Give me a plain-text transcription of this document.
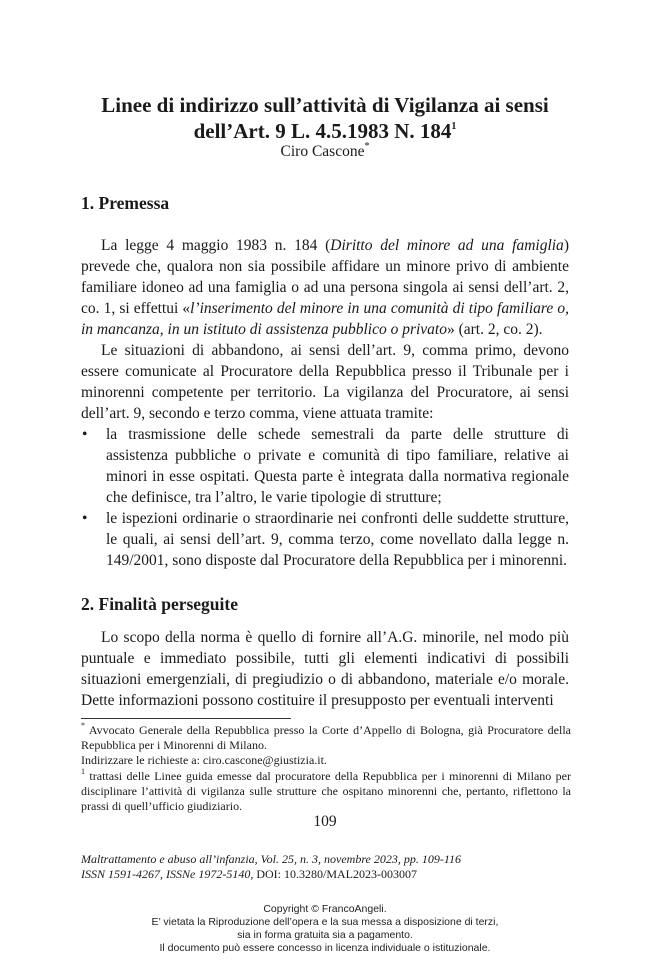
Linee di indirizzo sull’attività di Vigilanza ai sensi
dell’Art. 9 L. 4.5.1983 N. $184^1$
Ciro Cascone*
1. Premessa
La legge 4 maggio 1983 n. 184 (Diritto del minore ad una famiglia) prevede che, qualora non sia possibile affidare un minore privo di ambiente familiare idoneo ad una famiglia o ad una persona singola ai sensi dell’art. 2, co. 1, si effettui «l’inserimento del minore in una comunità di tipo familiare o, in mancanza, in un istituto di assistenza pubblico o privato» (art. 2, co. 2).
Le situazioni di abbandono, ai sensi dell’art. 9, comma primo, devono essere comunicate al Procuratore della Repubblica presso il Tribunale per i minorenni competente per territorio. La vigilanza del Procuratore, ai sensi dell’art. 9, secondo e terzo comma, viene attuata tramite:
• la trasmissione delle schede semestrali da parte delle strutture di assistenza pubbliche o private e comunità di tipo familiare, relative ai minori in esse ospitati. Questa parte è integrata dalla normativa regionale che definisce, tra l’altro, le varie tipologie di strutture;
• le ispezioni ordinarie o straordinarie nei confronti delle suddette strutture, le quali, ai sensi dell’art. 9, comma terzo, come novellato dalla legge n. 149/2001, sono disposte dal Procuratore della Repubblica per i minorenni.
2. Finalità perseguite
Lo scopo della norma è quello di fornire all’A.G. minorile, nel modo più puntuale e immediato possibile, tutti gli elementi indicativi di possibili situazioni emergenziali, di pregiudizio o di abbandono, materiale e/o morale. Dette informazioni possono costituire il presupposto per eventuali interventi

* Avvocato Generale della Repubblica presso la Corte d’Appello di Bologna, già Procuratore della Repubblica per i Minorenni di Milano.

Indirizzare le richieste a: ciro.cascone@giustizia.it.

$^1$ trattasi delle Linee guida emesse dal procuratore della Repubblica per i minorenni di Milano per disciplinare l’attività di vigilanza sulle strutture che ospitano minorenni che, pertanto, riflettono la prassi di quell’ufficio giudiziario.

109
Maltrattamento e abuso all’infanzia, Vol. 25, n. 3, novembre 2023, pp. 109-116
ISSN 1591-4267, ISSNe 1972-5140, DOI: 10.3280/MAL2023-003007
Copyright © FrancoAngeli.
E’ vietata la Riproduzione dell’opera e la sua messa a disposizione di terzi,
sia in forma gratuita sia a pagamento.
Il documento può essere concesso in licenza individuale o istituzionale.
